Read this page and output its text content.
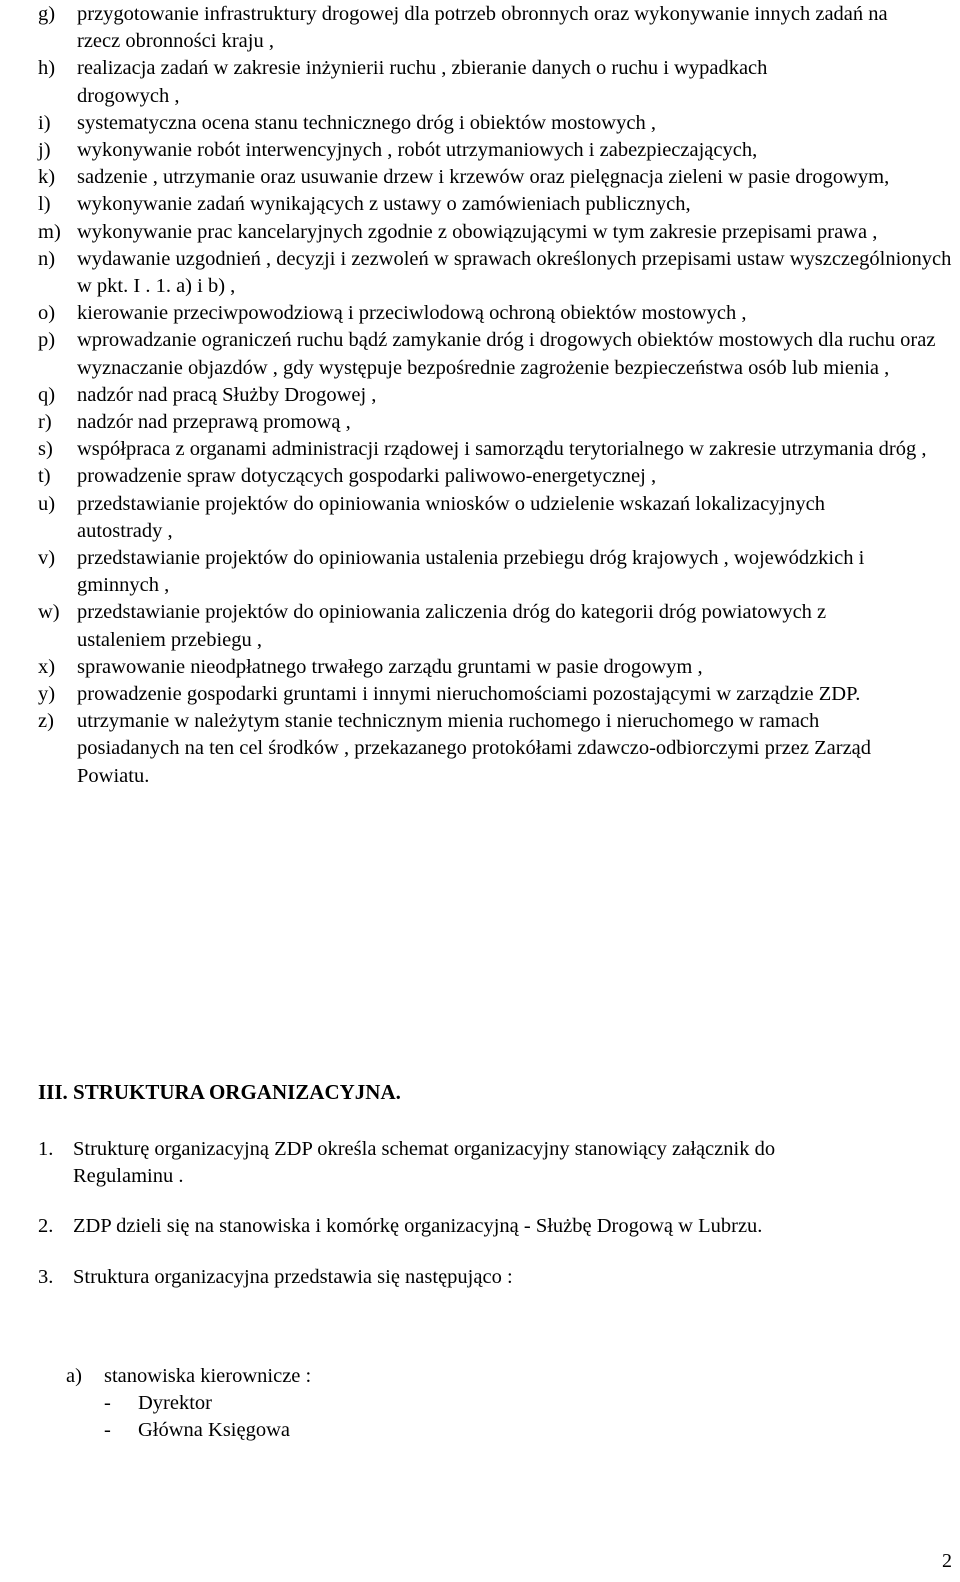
g)	przygotowanie infrastruktury drogowej dla potrzeb obronnych oraz wykonywanie innych zadań na rzecz obronności kraju ,
h)	realizacja zadań w zakresie inżynierii ruchu , zbieranie danych o ruchu i wypadkach drogowych ,
i)	systematyczna ocena stanu technicznego dróg i obiektów mostowych ,
j)	wykonywanie robót interwencyjnych , robót utrzymaniowych i zabezpieczających,
k)	sadzenie , utrzymanie oraz usuwanie drzew i krzewów oraz pielęgnacja zieleni w pasie drogowym,
l)	wykonywanie zadań wynikających z ustawy o zamówieniach publicznych,
m) wykonywanie prac kancelaryjnych zgodnie z obowiązującymi w tym zakresie przepisami prawa ,
n)	wydawanie uzgodnień , decyzji i zezwoleń w sprawach określonych przepisami ustaw wyszczególnionych w pkt. I . 1. a) i b) ,
o)	kierowanie przeciwpowodziową i przeciwlodową ochroną obiektów mostowych ,
p)	wprowadzanie ograniczeń ruchu bądź zamykanie dróg i drogowych obiektów mostowych dla ruchu oraz wyznaczanie objazdów , gdy występuje bezpośrednie zagrożenie bezpieczeństwa osób lub mienia ,
q)	nadzór nad pracą Służby Drogowej ,
r)	nadzór nad przeprawą promową ,
s)	współpraca z organami administracji rządowej i samorządu terytorialnego w zakresie utrzymania dróg ,
t)	prowadzenie spraw dotyczących gospodarki paliwowo-energetycznej ,
u)	przedstawianie projektów do opiniowania wniosków o udzielenie wskazań lokalizacyjnych autostrady ,
v)	przedstawianie projektów do opiniowania ustalenia przebiegu dróg krajowych , wojewódzkich i gminnych ,
w) przedstawianie projektów do opiniowania zaliczenia dróg do kategorii dróg powiatowych z ustaleniem przebiegu ,
x)	sprawowanie nieodpłatnego trwałego zarządu gruntami w pasie drogowym ,
y)	prowadzenie gospodarki gruntami i innymi nieruchomościami pozostającymi w zarządzie ZDP.
z)	utrzymanie w należytym stanie technicznym mienia ruchomego i nieruchomego w ramach posiadanych na ten cel środków , przekazanego protokółami zdawczo-odbiorczymi przez Zarząd Powiatu.
III. STRUKTURA ORGANIZACYJNA.
1. Strukturę organizacyjną ZDP określa schemat organizacyjny stanowiący załącznik do Regulaminu .
2. ZDP dzieli się na stanowiska i komórkę organizacyjną - Służbę Drogową w Lubrzu.
3. Struktura organizacyjna przedstawia się następująco :
a)	stanowiska kierownicze :
-	Dyrektor
-	Główna Księgowa
2
